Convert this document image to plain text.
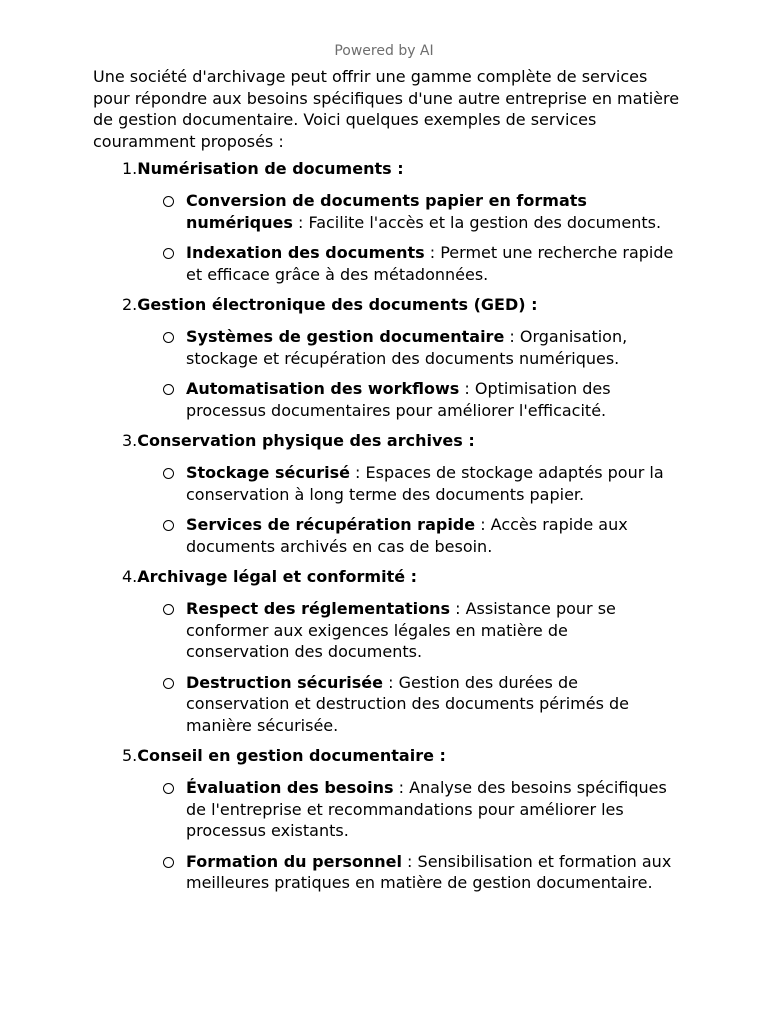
Powered by AI

Une société d'archivage peut offrir une gamme complète de services pour répondre aux besoins spécifiques d'une autre entreprise en matière de gestion documentaire. Voici quelques exemples de services couramment proposés :

1. Numérisation de documents :
Conversion de documents papier en formats numériques : Facilite l'accès et la gestion des documents.
Indexation des documents : Permet une recherche rapide et efficace grâce à des métadonnées.
2. Gestion électronique des documents (GED) :
Systèmes de gestion documentaire : Organisation, stockage et récupération des documents numériques.
Automatisation des workflows : Optimisation des processus documentaires pour améliorer l'efficacité.
3. Conservation physique des archives :
Stockage sécurisé : Espaces de stockage adaptés pour la conservation à long terme des documents papier.
Services de récupération rapide : Accès rapide aux documents archivés en cas de besoin.
4. Archivage légal et conformité :
Respect des réglementations : Assistance pour se conformer aux exigences légales en matière de conservation des documents.
Destruction sécurisée : Gestion des durées de conservation et destruction des documents périmés de manière sécurisée.
5. Conseil en gestion documentaire :
Évaluation des besoins : Analyse des besoins spécifiques de l'entreprise et recommandations pour améliorer les processus existants.
Formation du personnel : Sensibilisation et formation aux meilleures pratiques en matière de gestion documentaire.
